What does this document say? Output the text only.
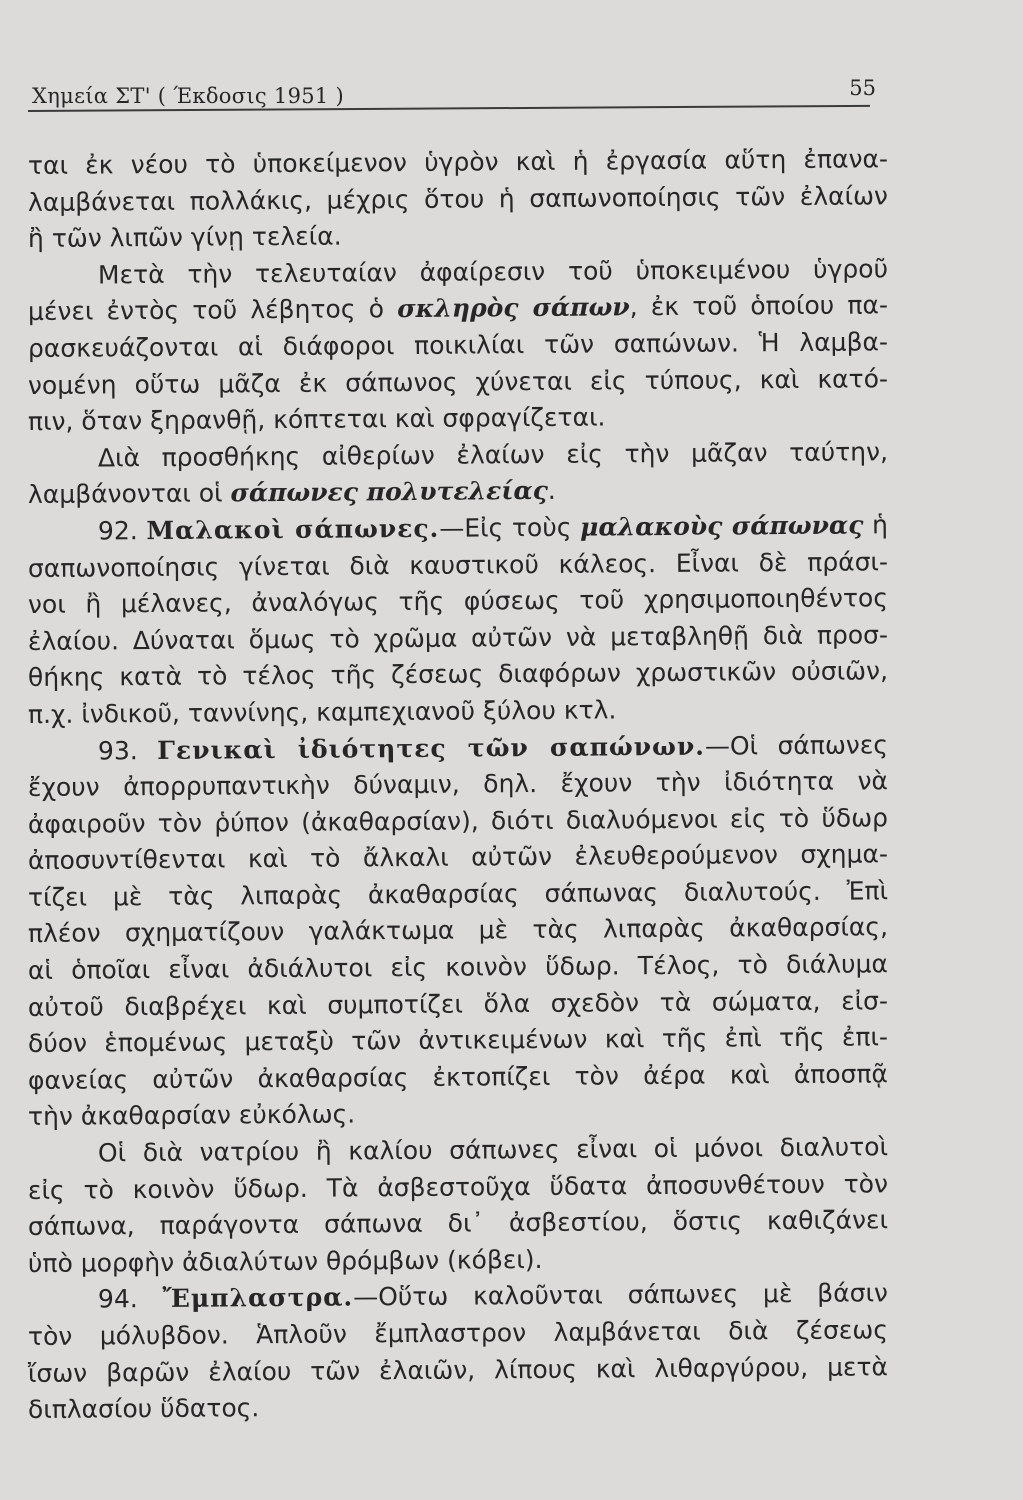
Χημεία ΣΤ' ( Έκδοσις 1951 )	55
ται ἐκ νέου τὸ ὑποκείμενον ὑγρὸν καὶ ἡ ἐργασία αὕτη ἐπανα-
λαμβάνεται πολλάκις, μέχρις ὅτου ἡ σαπωνοποίησις τῶν ἐλαίων
ἢ τῶν λιπῶν γίνῃ τελεία.
Μετὰ τὴν τελευταίαν ἀφαίρεσιν τοῦ ὑποκειμένου ὑγροῦ
μένει ἐντὸς τοῦ λέβητος ὁ σκληρὸς σάπων, ἐκ τοῦ ὁποίου πα-
ρασκευάζονται αἱ διάφοροι ποικιλίαι τῶν σαπώνων. Ἡ λαμβα-
νομένη οὕτω μᾶζα ἐκ σάπωνος χύνεται εἰς τύπους, καὶ κατό-
πιν, ὅταν ξηρανθῇ, κόπτεται καὶ σφραγίζεται.
Διὰ προσθήκης αἰθερίων ἐλαίων εἰς τὴν μᾶζαν ταύτην,
λαμβάνονται οἱ σάπωνες πολυτελείας.
92. Μαλακοὶ σάπωνες.—Εἰς τοὺς μαλακοὺς σάπωνας ἡ
σαπωνοποίησις γίνεται διὰ καυστικοῦ κάλεος. Εἶναι δὲ πράσι-
νοι ἢ μέλανες, ἀναλόγως τῆς φύσεως τοῦ χρησιμοποιηθέντος
ἐλαίου. Δύναται ὅμως τὸ χρῶμα αὐτῶν νὰ μεταβληθῇ διὰ προσ-
θήκης κατὰ τὸ τέλος τῆς ζέσεως διαφόρων χρωστικῶν οὐσιῶν,
π.χ. ἰνδικοῦ, ταννίνης, καμπεχιανοῦ ξύλου κτλ.
93. Γενικαὶ ἰδιότητες τῶν σαπώνων.—Οἱ σάπωνες
ἔχουν ἀπορρυπαντικὴν δύναμιν, δηλ. ἔχουν τὴν ἰδιότητα νὰ
ἀφαιροῦν τὸν ῥύπον (ἀκαθαρσίαν), διότι διαλυόμενοι εἰς τὸ ὕδωρ
ἀποσυντίθενται καὶ τὸ ἄλκαλι αὐτῶν ἐλευθερούμενον σχημα-
τίζει μὲ τὰς λιπαρὰς ἀκαθαρσίας σάπωνας διαλυτούς. Ἐπὶ
πλέον σχηματίζουν γαλάκτωμα μὲ τὰς λιπαρὰς ἀκαθαρσίας,
αἱ ὁποῖαι εἶναι ἀδιάλυτοι εἰς κοινὸν ὕδωρ. Τέλος, τὸ διάλυμα
αὐτοῦ διαβρέχει καὶ συμποτίζει ὅλα σχεδὸν τὰ σώματα, εἰσ-
δύον ἑπομένως μεταξὺ τῶν ἀντικειμένων καὶ τῆς ἐπὶ τῆς ἐπι-
φανείας αὐτῶν ἀκαθαρσίας ἐκτοπίζει τὸν ἀέρα καὶ ἀποσπᾷ
τὴν ἀκαθαρσίαν εὐκόλως.
Οἱ διὰ νατρίου ἢ καλίου σάπωνες εἶναι οἱ μόνοι διαλυτοὶ
εἰς τὸ κοινὸν ὕδωρ. Τὰ ἀσβεστοῦχα ὕδατα ἀποσυνθέτουν τὸν
σάπωνα, παράγοντα σάπωνα δι᾽ ἀσβεστίου, ὅστις καθιζάνει
ὑπὸ μορφὴν ἀδιαλύτων θρόμβων (κόβει).
94. Ἔμπλαστρα.—Οὕτω καλοῦνται σάπωνες μὲ βάσιν
τὸν μόλυβδον. Ἁπλοῦν ἔμπλαστρον λαμβάνεται διὰ ζέσεως
ἴσων βαρῶν ἐλαίου τῶν ἐλαιῶν, λίπους καὶ λιθαργύρου, μετὰ
διπλασίου ὕδατος.
